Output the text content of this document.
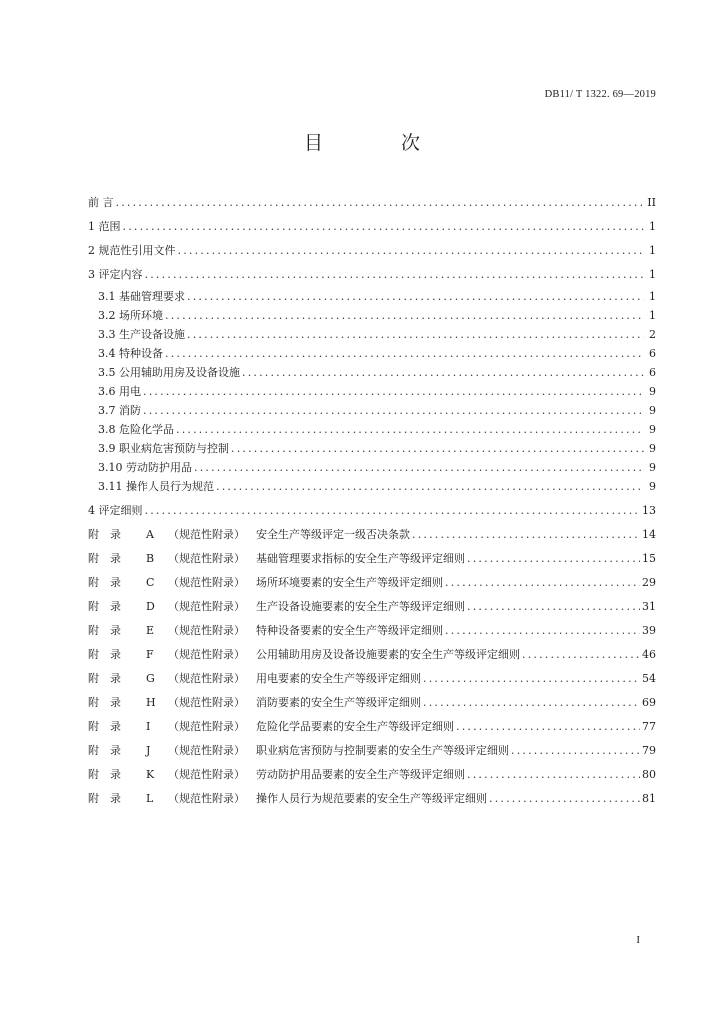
DB11/ T 1322. 69—2019
目 次
前 言 .....	II
1 范围 .....	1
2 规范性引用文件 .....	1
3 评定内容 .....	1
3.1 基础管理要求 .....	1
3.2 场所环境 .....	1
3.3 生产设备设施 .....	2
3.4 特种设备 .....	6
3.5 公用辅助用房及设备设施 .....	6
3.6 用电 .....	9
3.7 消防 .....	9
3.8 危险化学品 .....	9
3.9 职业病危害预防与控制 .....	9
3.10 劳动防护用品 .....	9
3.11 操作人员行为规范 .....	9
4 评定细则 .....	13
附 录 A （规范性附录） 安全生产等级评定一级否决条款 .....	14
附 录 B （规范性附录） 基础管理要求指标的安全生产等级评定细则 .....	15
附 录 C （规范性附录） 场所环境要素的安全生产等级评定细则 .....	29
附 录 D （规范性附录） 生产设备设施要素的安全生产等级评定细则 .....	31
附 录 E （规范性附录） 特种设备要素的安全生产等级评定细则 .....	39
附 录 F （规范性附录） 公用辅助用房及设备设施要素的安全生产等级评定细则 .....	46
附 录 G （规范性附录） 用电要素的安全生产等级评定细则 .....	54
附 录 H （规范性附录） 消防要素的安全生产等级评定细则 .....	69
附 录 I （规范性附录） 危险化学品要素的安全生产等级评定细则 .....	77
附 录 J （规范性附录） 职业病危害预防与控制要素的安全生产等级评定细则 .....	79
附 录 K （规范性附录） 劳动防护用品要素的安全生产等级评定细则 .....	80
附 录 L （规范性附录） 操作人员行为规范要素的安全生产等级评定细则 .....	81
I
